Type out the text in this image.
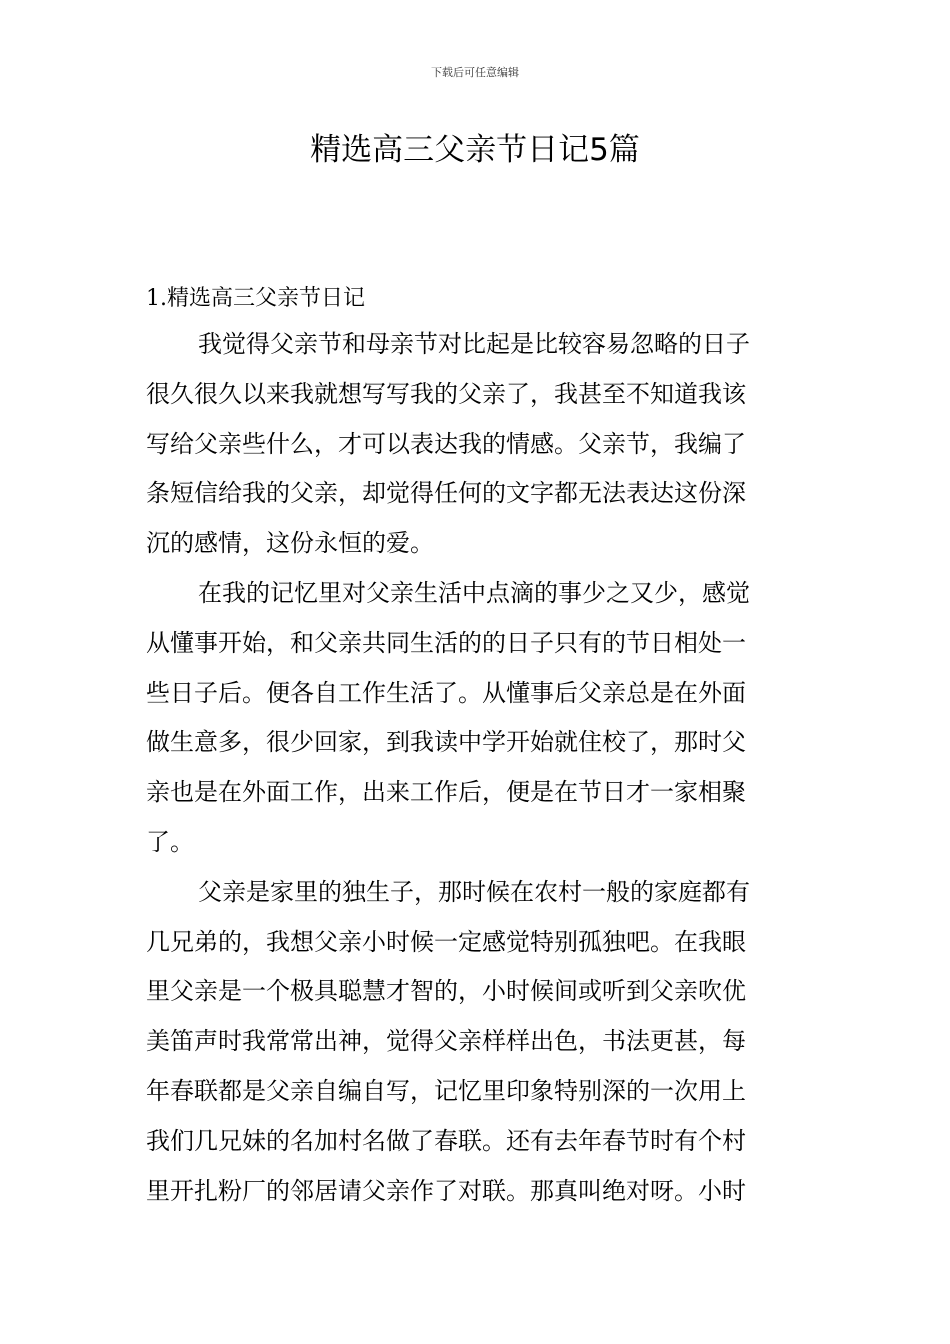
下载后可任意编辑
精选高三父亲节日记5篇
1.精选高三父亲节日记

我觉得父亲节和母亲节对比起是比较容易忽略的日子
很久很久以来我就想写写我的父亲了，我甚至不知道我该
写给父亲些什么，才可以表达我的情感。父亲节，我编了
条短信给我的父亲，却觉得任何的文字都无法表达这份深
沉的感情，这份永恒的爱。

在我的记忆里对父亲生活中点滴的事少之又少，感觉
从懂事开始，和父亲共同生活的的日子只有的节日相处一
些日子后。便各自工作生活了。从懂事后父亲总是在外面
做生意多，很少回家，到我读中学开始就住校了，那时父
亲也是在外面工作，出来工作后，便是在节日才一家相聚
了。

父亲是家里的独生子，那时候在农村一般的家庭都有
几兄弟的，我想父亲小时候一定感觉特别孤独吧。在我眼
里父亲是一个极具聪慧才智的，小时候间或听到父亲吹优
美笛声时我常常出神，觉得父亲样样出色，书法更甚，每
年春联都是父亲自编自写，记忆里印象特别深的一次用上
我们几兄妹的名加村名做了春联。还有去年春节时有个村
里开扎粉厂的邻居请父亲作了对联。那真叫绝对呀。小时
